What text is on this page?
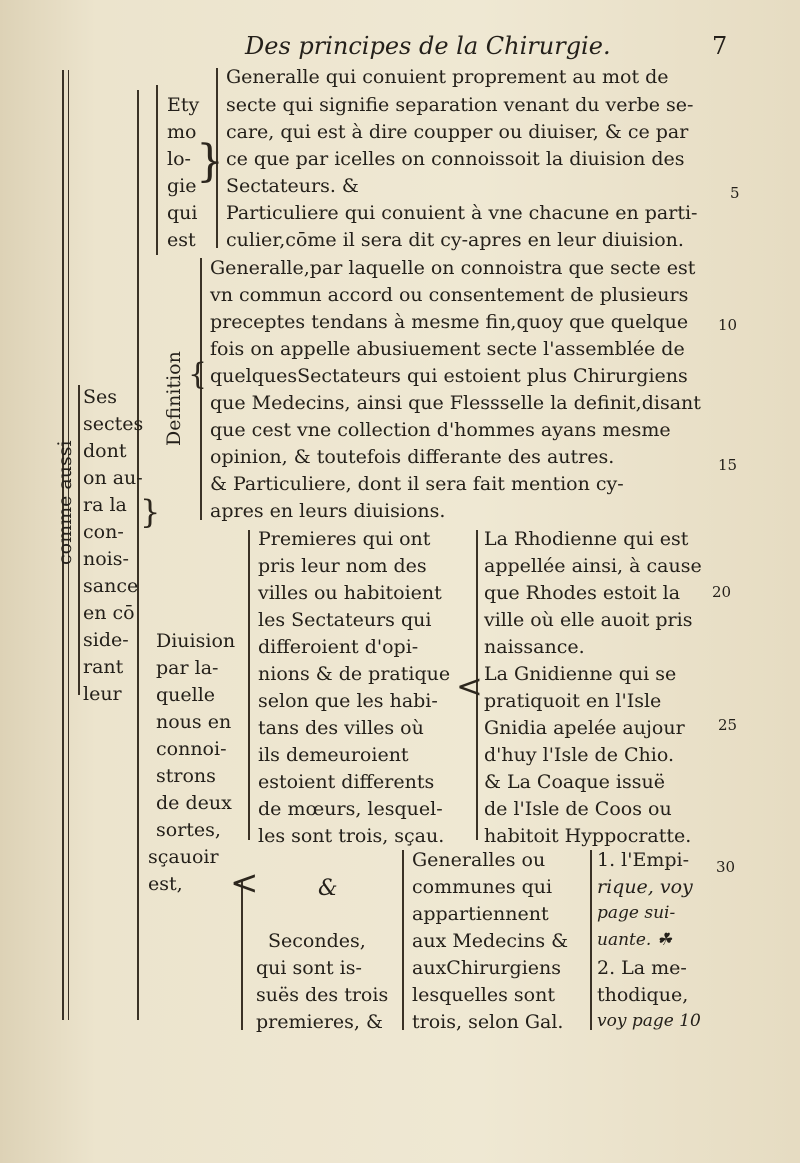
Des principes de la Chirurgie.	7
5
10
15
20
25
30
}
{
}
<
<
comme aussi
Definition
Ses
sectes
dont
on au-
ra la
con-
nois-
sance
en cō
side-
rant
leur
Ety
mo
lo-
gie
qui
est
Generalle qui conuient proprement au mot de
secte qui signifie separation venant du verbe se-
care, qui est à dire coupper ou diuiser, & ce par
ce que par icelles on connoissoit la diuision des
Sectateurs. &
Particuliere qui conuient à vne chacune en parti-
culier,cōme il sera dit cy-apres en leur diuision.
Generalle,par laquelle on connoistra que secte est
vn commun accord ou consentement de plusieurs
preceptes tendans à mesme fin,quoy que quelque
fois on appelle abusiuement secte l'assemblée de
quelquesSectateurs qui estoient plus Chirurgiens
que Medecins, ainsi que Flessselle la definit,disant
que cest vne collection d'hommes ayans mesme
opinion, & toutefois differante des autres.
& Particuliere, dont il sera fait mention cy-
apres en leurs diuisions.
Diuision
par la-
quelle
nous en
connoi-
strons
de deux
sortes,
sçauoir
est,
Premieres qui ont
pris leur nom des
villes ou habitoient
les Sectateurs qui
differoient d'opi-
nions & de pratique
selon que les habi-
tans des villes où
ils demeuroient
estoient differents
de mœurs, lesquel-
les sont trois, sçau.
La Rhodienne qui est
appellée ainsi, à cause
que Rhodes estoit la
ville où elle auoit pris
naissance.
La Gnidienne qui se
pratiquoit en l'Isle
Gnidia apelée aujour
d'huy l'Isle de Chio.
& La Coaque issuë
de l'Isle de Coos ou
habitoit Hyppocratte.
&
Secondes,
qui sont is-
suës des trois
premieres, &
Generalles ou
communes qui
appartiennent
aux Medecins &
auxChirurgiens
lesquelles sont
trois, selon Gal.
1. l'Empi-
rique, voy
page sui-
uante. ☘
2. La me-
thodique,
voy page 10
